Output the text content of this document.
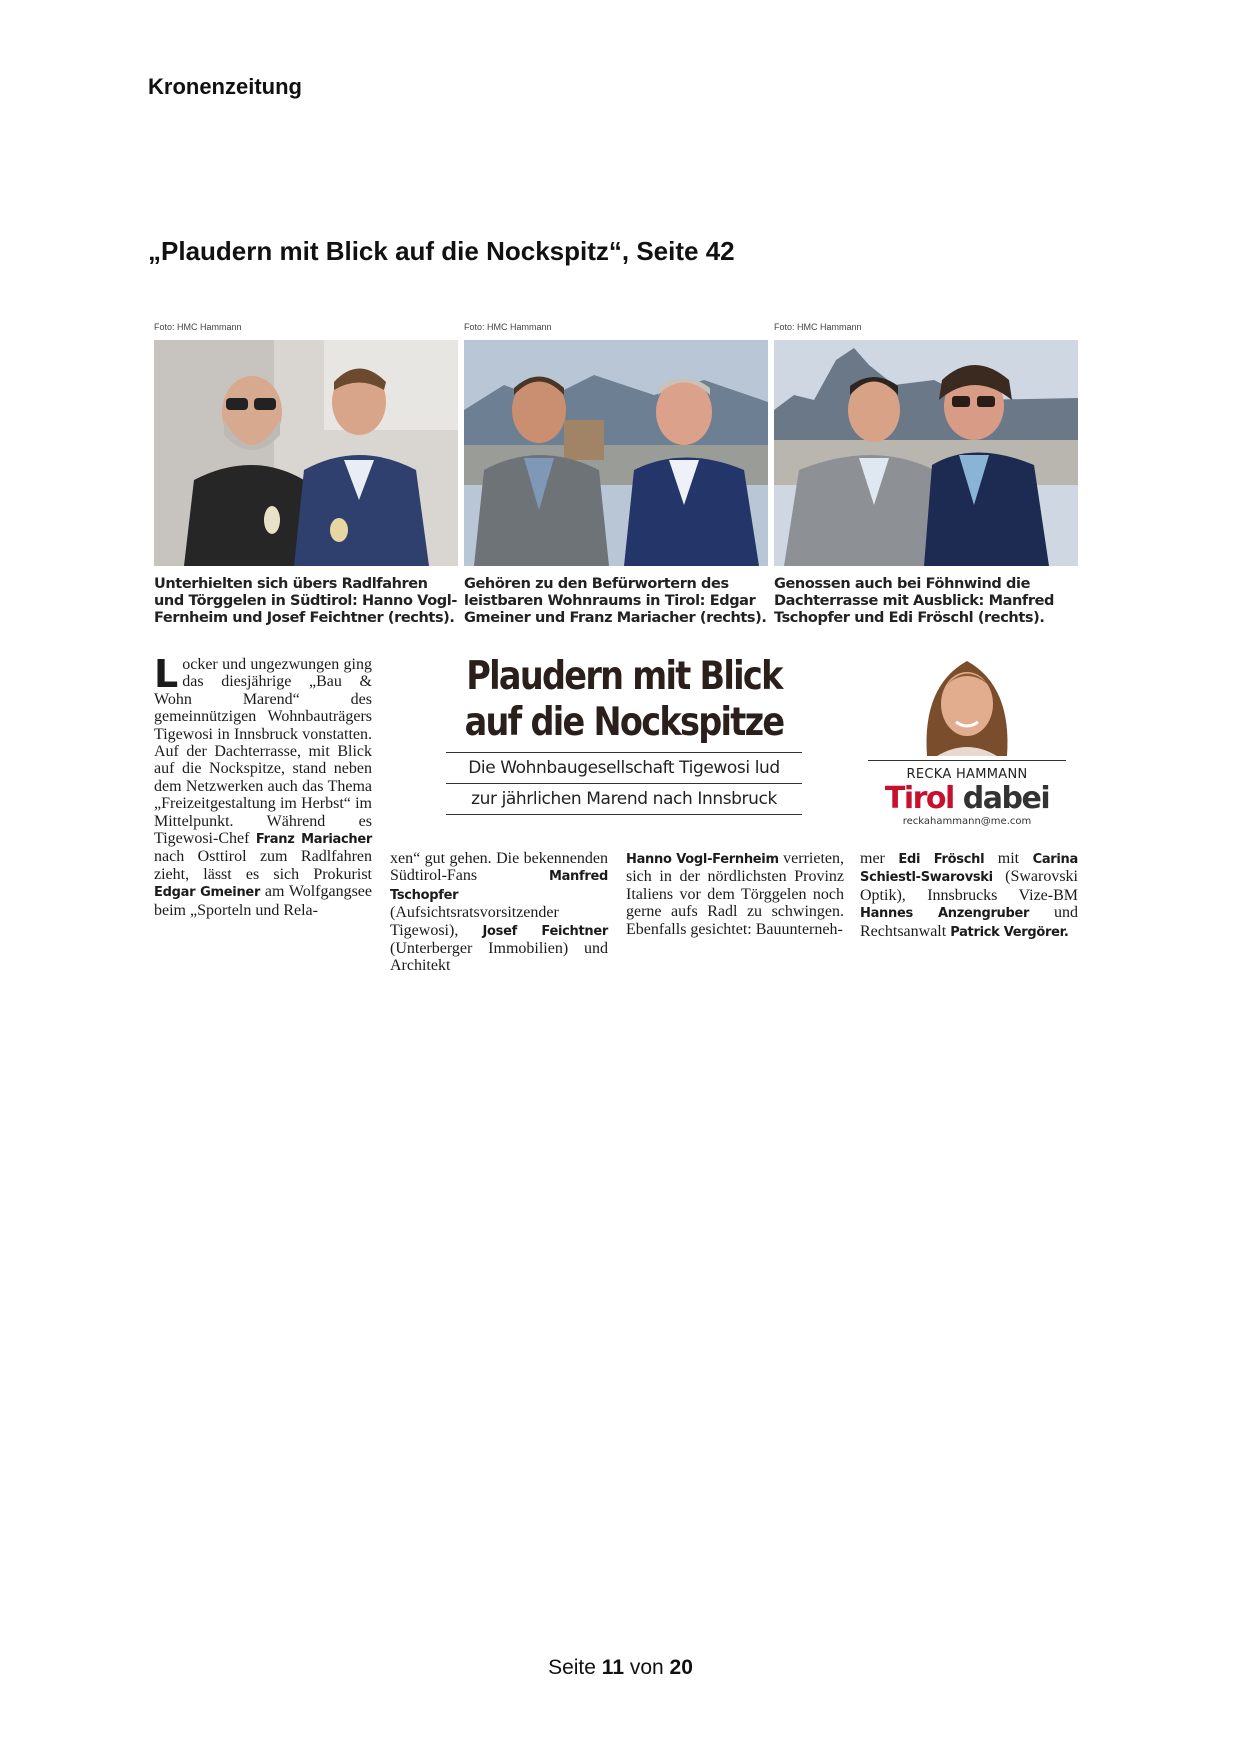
Kronenzeitung
„Plaudern mit Blick auf die Nockspitz“, Seite 42
Foto: HMC Hammann
Unterhielten sich übers Radlfahren und Törggelen in Südtirol: Hanno Vogl-Fernheim und Josef Feichtner (rechts).
Foto: HMC Hammann
Gehören zu den Befürwortern des leistbaren Wohnraums in Tirol: Edgar Gmeiner und Franz Mariacher (rechts).
Foto: HMC Hammann
Genossen auch bei Föhnwind die Dachterrasse mit Ausblick: Manfred Tschopfer und Edi Fröschl (rechts).
Locker und ungezwungen ging das diesjährige „Bau & Wohn Marend“ des gemeinnützigen Wohnbauträgers Tigewosi in Innsbruck vonstatten. Auf der Dachterrasse, mit Blick auf die Nockspitze, stand neben dem Netzwerken auch das Thema „Freizeitgestaltung im Herbst“ im Mittelpunkt. Während es Tigewosi-Chef Franz Mariacher nach Osttirol zum Radlfahren zieht, lässt es sich Prokurist Edgar Gmeiner am Wolfgangsee beim „Sporteln und Rela-
Plaudern mit Blick
auf die Nockspitze
Die Wohnbaugesellschaft Tigewosi lud
zur jährlichen Marend nach Innsbruck
RECKA HAMMANN
Tirol dabei
reckahammann@me.com
xen“ gut gehen. Die bekennenden Südtirol-Fans	Manfred Tschopfer (Aufsichtsratsvorsitzender Tigewosi), Josef Feichtner (Unterberger Immobilien) und Architekt
Hanno Vogl-Fernheim verrieten, sich in der nördlichsten Provinz Italiens vor dem Törggelen noch gerne aufs Radl zu schwingen. Ebenfalls gesichtet: Bauunterneh-
mer Edi Fröschl mit Carina Schiestl-Swarovski (Swarovski Optik), Innsbrucks Vize-BM Hannes Anzengruber und Rechtsanwalt Patrick Vergörer.
Seite 11 von 20
